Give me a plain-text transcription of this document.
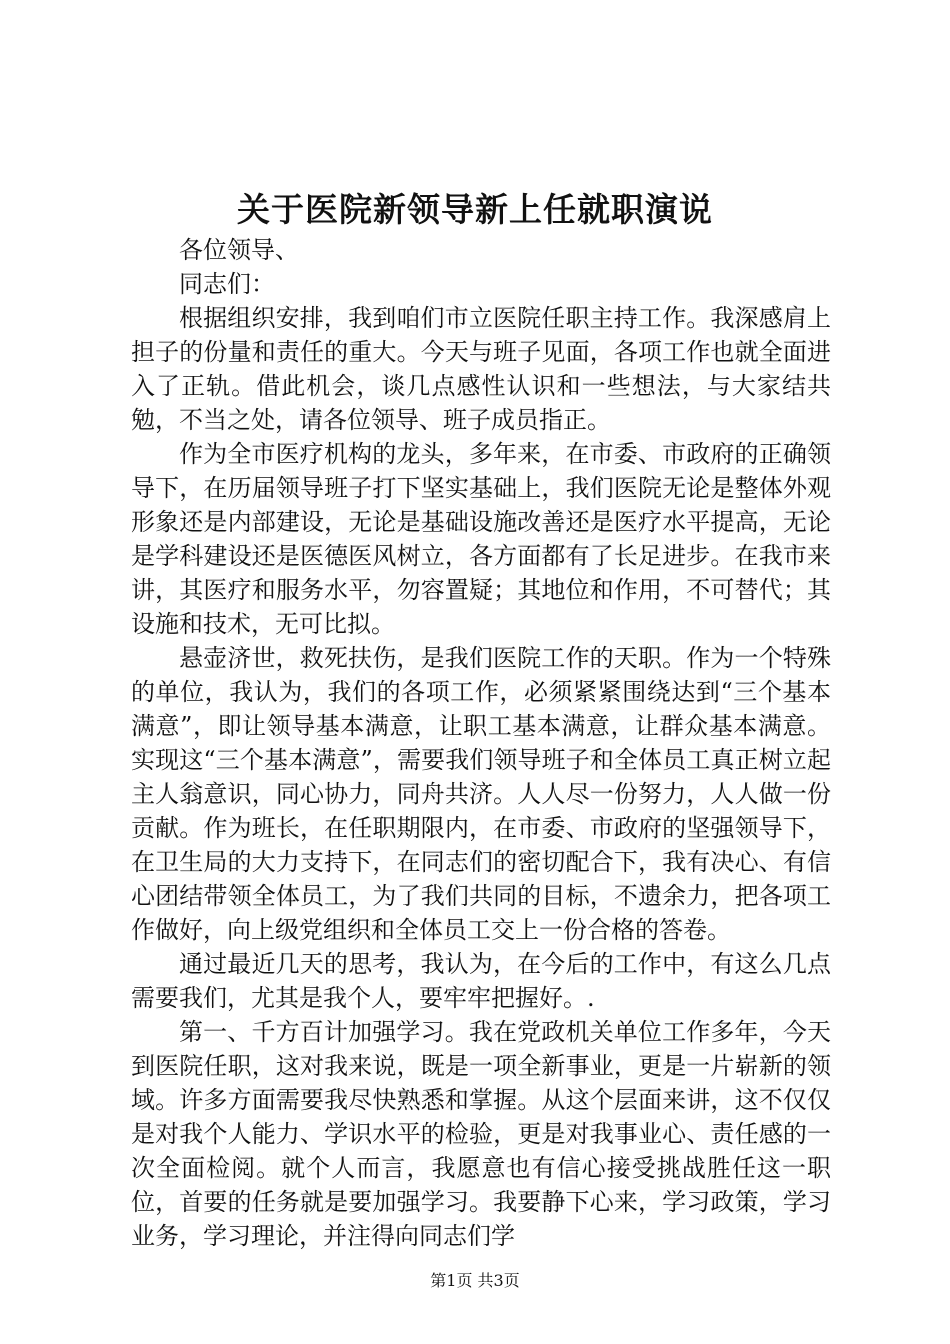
关于医院新领导新上任就职演说

各位领导、

同志们：

根据组织安排，我到咱们市立医院任职主持工作。我深感肩上担子的份量和责任的重大。今天与班子见面，各项工作也就全面进入了正轨。借此机会，谈几点感性认识和一些想法，与大家结共勉，不当之处，请各位领导、班子成员指正。

作为全市医疗机构的龙头，多年来，在市委、市政府的正确领导下，在历届领导班子打下坚实基础上，我们医院无论是整体外观形象还是内部建设，无论是基础设施改善还是医疗水平提高，无论是学科建设还是医德医风树立，各方面都有了长足进步。在我市来讲，其医疗和服务水平，勿容置疑；其地位和作用，不可替代；其设施和技术，无可比拟。

悬壶济世，救死扶伤，是我们医院工作的天职。作为一个特殊的单位，我认为，我们的各项工作，必须紧紧围绕达到“三个基本满意”，即让领导基本满意，让职工基本满意，让群众基本满意。实现这“三个基本满意”，需要我们领导班子和全体员工真正树立起主人翁意识，同心协力，同舟共济。人人尽一份努力，人人做一份贡献。作为班长，在任职期限内，在市委、市政府的坚强领导下，在卫生局的大力支持下，在同志们的密切配合下，我有决心、有信心团结带领全体员工，为了我们共同的目标，不遗余力，把各项工作做好，向上级党组织和全体员工交上一份合格的答卷。

通过最近几天的思考，我认为，在今后的工作中，有这么几点需要我们，尤其是我个人，要牢牢把握好。.

第一、千方百计加强学习。我在党政机关单位工作多年，今天到医院任职，这对我来说，既是一项全新事业，更是一片崭新的领域。许多方面需要我尽快熟悉和掌握。从这个层面来讲，这不仅仅是对我个人能力、学识水平的检验，更是对我事业心、责任感的一次全面检阅。就个人而言，我愿意也有信心接受挑战胜任这一职位，首要的任务就是要加强学习。我要静下心来，学习政策，学习业务，学习理论，并注得向同志们学

第1页 共3页
